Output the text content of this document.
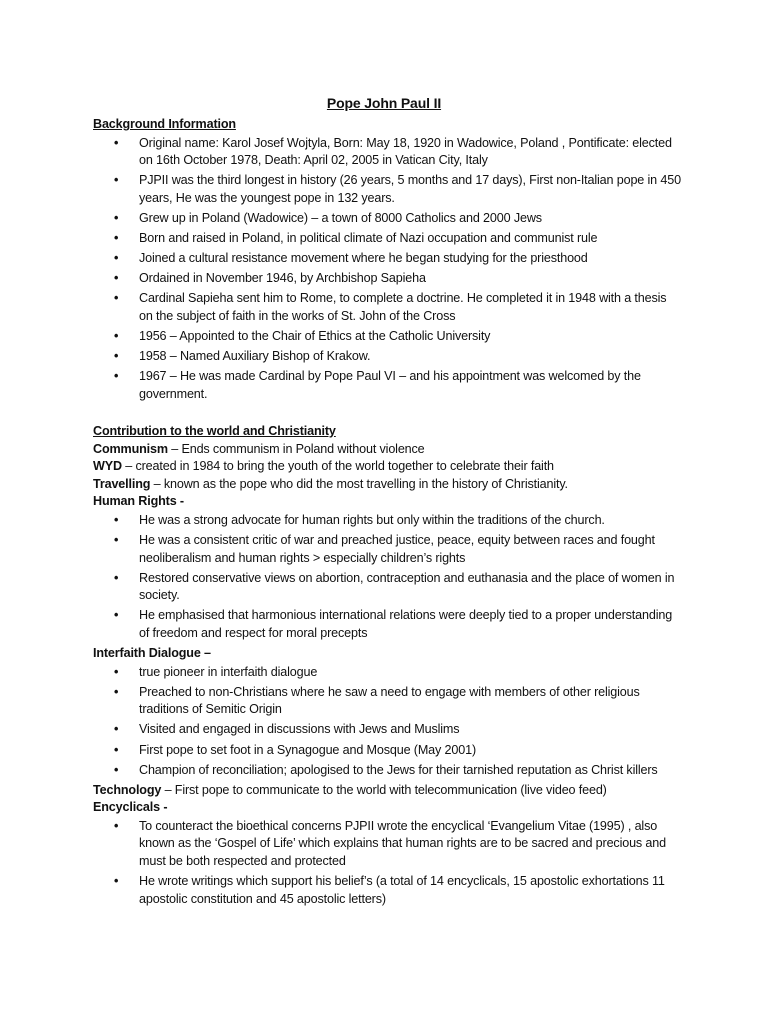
Pope John Paul II
Background Information
• Original name: Karol Josef Wojtyla, Born: May 18, 1920 in Wadowice, Poland , Pontificate: elected on 16th October 1978, Death: April 02, 2005 in Vatican City, Italy
• PJPII was the third longest in history (26 years, 5 months and 17 days), First non-Italian pope in 450 years, He was the youngest pope in 132 years.
• Grew up in Poland (Wadowice) – a town of 8000 Catholics and 2000 Jews
• Born and raised in Poland, in political climate of Nazi occupation and communist rule
• Joined a cultural resistance movement where he began studying for the priesthood
• Ordained in November 1946, by Archbishop Sapieha
• Cardinal Sapieha sent him to Rome, to complete a doctrine. He completed it in 1948 with a thesis on the subject of faith in the works of St. John of the Cross
• 1956 – Appointed to the Chair of Ethics at the Catholic University
• 1958 – Named Auxiliary Bishop of Krakow.
• 1967 – He was made Cardinal by Pope Paul VI – and his appointment was welcomed by the government.
Contribution to the world and Christianity
Communism – Ends communism in Poland without violence
WYD – created in 1984 to bring the youth of the world together to celebrate their faith
Travelling – known as the pope who did the most travelling in the history of Christianity.
Human Rights -
• He was a strong advocate for human rights but only within the traditions of the church.
• He was a consistent critic of war and preached justice, peace, equity between races and fought neoliberalism and human rights > especially children’s rights
• Restored conservative views on abortion, contraception and euthanasia and the place of women in society.
• He emphasised that harmonious international relations were deeply tied to a proper understanding of freedom and respect for moral precepts
Interfaith Dialogue –
• true pioneer in interfaith dialogue
• Preached to non-Christians where he saw a need to engage with members of other religious traditions of Semitic Origin
• Visited and engaged in discussions with Jews and Muslims
• First pope to set foot in a Synagogue and Mosque (May 2001)
• Champion of reconciliation; apologised to the Jews for their tarnished reputation as Christ killers
Technology – First pope to communicate to the world with telecommunication (live video feed)
Encyclicals -
• To counteract the bioethical concerns PJPII wrote the encyclical ‘Evangelium Vitae (1995) , also known as the ‘Gospel of Life’ which explains that human rights are to be sacred and precious and must be both respected and protected
• He wrote writings which support his belief’s (a total of 14 encyclicals, 15 apostolic exhortations 11 apostolic constitution and 45 apostolic letters)
